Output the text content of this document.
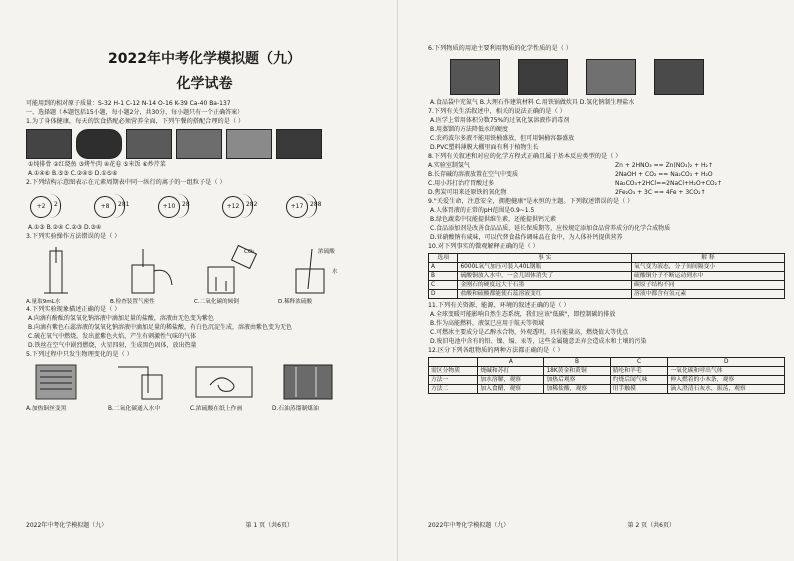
2022年中考化学模拟题（九）
化学试卷
可能用到的相对原子质量：S-32 H-1 C-12 N-14 O-16 K-39 Ca-40 Ba-137
一、选择题（本题包括15小题，每小题2分，共30分，每小题只有一个正确答案）
1.为了身体健康，每天的饮食搭配必须营养全面，下列午餐的搭配合理的是（ ）
①炖排骨 ②红烧鱼 ③烤牛肉 ④花卷 ⑤米饭 ⑥炒芹菜
A.①④⑥ B.⑤③ C.②④⑤ D.①⑤⑥
2.下列结构示意图表示在元素周期表中同一纵行的离子的一组粒子是（ ）
+2	2	+8	281	+10	28	+12	282	+17	288
A.①③ B.②④ C.②③ D.③④
3.下列实验操作方法错误的是（ ）
A.量取9mL水	B.检查装置气密性
CO₂
C.二氧化碳的倾倒
浓硫酸
水
D.稀释浓硫酸
4.下列实验现象描述正确的是（ ）
A.向滴有酚酞的氢氧化钠溶液中滴加足量的盐酸，溶液由无色变为紫色
B.向滴有紫色石蕊溶液的氢氧化钠溶液中滴加足量的稀盐酸，有白色沉淀生成，溶液由紫色变为无色
C.硫在氧气中燃烧，发出蓝紫色火焰，产生有刺激性气味的气体
D.铁丝在空气中剧烈燃烧，火星四射，生成黑色固体，放出热量
5.下列过程中只发生物理变化的是（ ）
A.加热铜丝变黑	B.二氧化碳通入水中	C.浓硫酸在纸上作画	D.石油蒸馏制煤油
2022年中考化学模拟题（九）	第 1 页（共6页）
6.下列物质的用途主要利用物质的化学性质的是（ ）
A.食品袋中充氮气 B.大理石作建筑材料 C.用铁锅做炊具 D.氢化钠制生理盐水
7.下列有关生活叙述中，相关的说法正确的是（ ）
A.医学上常用体积分数75%的过氧化氢溶液作消毒剂
B.用蒸馏的方法降低水的硬度
C.农药波尔多液不能用铁桶盛放，但可用铜桶容器盛放
D.PVC塑料薄膜大棚里面有利于植物生长
8.下列有关叙述和对应的化学方程式正确且属于基本反应类型的是（ ）
A.实验室制氢气	Zn + 2HNO₃ == Zn(NO₃)₂ + H₂↑
B.长存碱的溶液放置在空气中变质	2NaOH + CO₂ == Na₂CO₃ + H₂O
C.用小苏打治疗胃酸过多	Na₂CO₃+2HCl==2NaCl+H₂O+CO₂↑
D.焦炭可用来还原铁的氧化物	2Fe₂O₃ + 3C == 4Fe + 3CO₂↑
9."关爱生命，注意安全，拥抱健康"是永恒的主题。下列叙述错误的是（ ）
A.人体胃液的正常的pH范围是0.9~1.5
B.绿色蔬菜中仅能提供维生素，还能提供钙元素
C.食品添加剂是改善食品品质、延长保质期等，应按规定添加食品营养成分的化学合成物质
D.亚硝酸钠有咸味，可以代替食盐作调味品在食中，为人体补钙提供营养
10.对下列事实的微观解释正确的是（ ）
选项	事 实	解 释
A	6000L氧气加压可装入40L钢瓶	氧气变为液态，分子间间隔变小
B	硫酸铜放入水中，一会儿固体消失了	硫酸铜分子不断运动到水中
C	金刚石的硬度远大于石墨	碳原子结构不同
D	盐酸和硫酸都能使石蕊溶液变红	溶液中都含有氢元素
11.下列有关资源、能源、环境的叙述正确的是（ ）
A.全球变暖可能影响自然生态系统，我们应该"低碳"，即控制碳的排放
B.作为高能燃料，液氢已应用于航天等领域
C.可燃冰主要成分是乙醇水合物，外观透明，具有能量高，燃烧值大等优点
D.废旧电池中含有的铅、镍、镉、汞等，这些金属随意丢弃会造成水和土壤的污染
12.区分下列各组物质的两种方法都正确的是（ ）
	A	B	C	D
需区分物质	烧碱和苏打	18K黄金和黄铜	腈纶和羊毛	一氧化碳和呼出气体
方法一	加水溶解，观察	加热后观察	灼烧后闻气味	伸入燃着的小木条，观察
方法二	加入食醋，观察	加稀盐酸，观察	用手触摸	滴入澄清石灰水，振荡，观察
2022年中考化学模拟题（九）	第 2 页（共6页）
